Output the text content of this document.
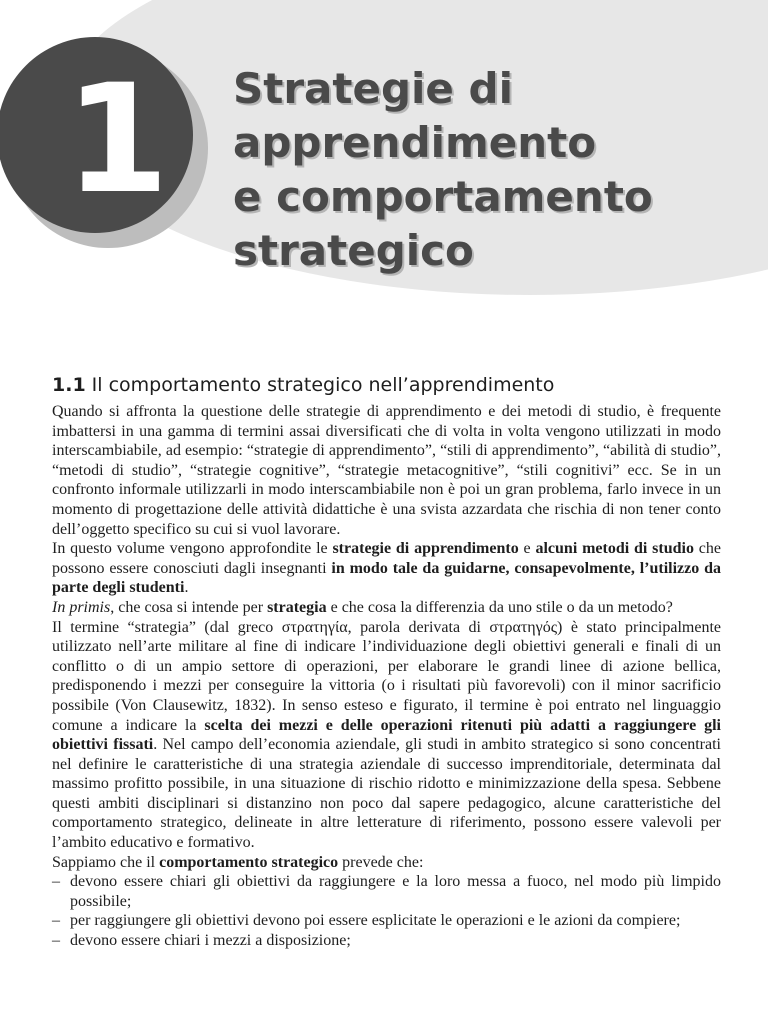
1 Strategie di
apprendimento
e comportamento
strategico
1.1 Il comportamento strategico nell’apprendimento

Quando si affronta la questione delle strategie di apprendimento e dei metodi di studio, è frequente imbattersi in una gamma di termini assai diversificati che di volta in volta vengono utilizzati in modo interscambiabile, ad esempio: “strategie di apprendimento”, “stili di apprendimento”, “abilità di studio”, “metodi di studio”, “strategie cognitive”, “strategie metacognitive”, “stili cognitivi” ecc. Se in un confronto informale utilizzarli in modo interscambiabile non è poi un gran problema, farlo invece in un momento di progettazione delle attività didattiche è una svista azzardata che rischia di non tener conto dell’oggetto specifico su cui si vuol lavorare.

In questo volume vengono approfondite le strategie di apprendimento e alcuni metodi di studio che possono essere conosciuti dagli insegnanti in modo tale da guidarne, consapevolmente, l’utilizzo da parte degli studenti.

In primis, che cosa si intende per strategia e che cosa la differenzia da uno stile o da un metodo?

Il termine “strategia” (dal greco στρατηγία, parola derivata di στρατηγός) è stato principalmente utilizzato nell’arte militare al fine di indicare l’individuazione degli obiettivi generali e finali di un conflitto o di un ampio settore di operazioni, per elaborare le grandi linee di azione bellica, predisponendo i mezzi per conseguire la vittoria (o i risultati più favorevoli) con il minor sacrificio possibile (Von Clausewitz, 1832). In senso esteso e figurato, il termine è poi entrato nel linguaggio comune a indicare la scelta dei mezzi e delle operazioni ritenuti più adatti a raggiungere gli obiettivi fissati. Nel campo dell’economia aziendale, gli studi in ambito strategico si sono concentrati nel definire le caratteristiche di una strategia aziendale di successo imprenditoriale, determinata dal massimo profitto possibile, in una situazione di rischio ridotto e minimizzazione della spesa. Sebbene questi ambiti disciplinari si distanzino non poco dal sapere pedagogico, alcune caratteristiche del comportamento strategico, delineate in altre letterature di riferimento, possono essere valevoli per l’ambito educativo e formativo.

Sappiamo che il comportamento strategico prevede che:

– devono essere chiari gli obiettivi da raggiungere e la loro messa a fuoco, nel modo più limpido possibile;
– per raggiungere gli obiettivi devono poi essere esplicitate le operazioni e le azioni da compiere;
– devono essere chiari i mezzi a disposizione;
